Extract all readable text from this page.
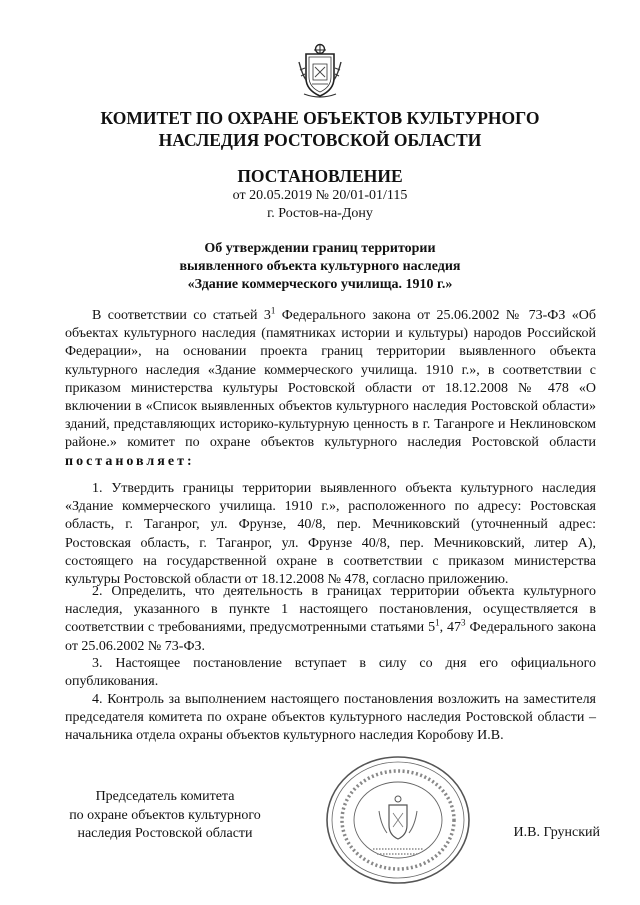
КОМИТЕТ ПО ОХРАНЕ ОБЪЕКТОВ КУЛЬТУРНОГО
НАСЛЕДИЯ РОСТОВСКОЙ ОБЛАСТИ
ПОСТАНОВЛЕНИЕ
от 20.05.2019 № 20/01-01/115
г. Ростов-на-Дону
Об утверждении границ территории
выявленного объекта культурного наследия
«Здание коммерческого училища. 1910 г.»

В соответствии со статьей $3^1$ Федерального закона от 25.06.2002 № 73-ФЗ «Об объектах культурного наследия (памятниках истории и культуры) народов Российской Федерации», на основании проекта границ территории выявленного объекта культурного наследия «Здание коммерческого училища. 1910 г.», в соответствии с приказом министерства культуры Ростовской области от 18.12.2008 № 478 «О включении в «Список выявленных объектов культурного наследия Ростовской области» зданий, представляющих историко-культурную ценность в г. Таганроге и Неклиновском районе.» комитет по охране объектов культурного наследия Ростовской области постановляет:

1. Утвердить границы территории выявленного объекта культурного наследия «Здание коммерческого училища. 1910 г.», расположенного по адресу: Ростовская область, г. Таганрог, ул. Фрунзе, 40/8, пер. Мечниковский (уточненный адрес: Ростовская область, г. Таганрог, ул. Фрунзе 40/8, пер. Мечниковский, литер А), состоящего на государственной охране в соответствии с приказом министерства культуры Ростовской области от 18.12.2008 № 478, согласно приложению.

2. Определить, что деятельность в границах территории объекта культурного наследия, указанного в пункте 1 настоящего постановления, осуществляется в соответствии с требованиями, предусмотренными статьями $5^1$, $47^3$ Федерального закона от 25.06.2002 № 73-ФЗ.

3. Настоящее постановление вступает в силу со дня его официального опубликования.

4. Контроль за выполнением настоящего постановления возложить на заместителя председателя комитета по охране объектов культурного наследия Ростовской области – начальника отдела охраны объектов культурного наследия Коробову И.В.

Председатель комитета
по охране объектов культурного
наследия Ростовской области	И.В. Грунский
